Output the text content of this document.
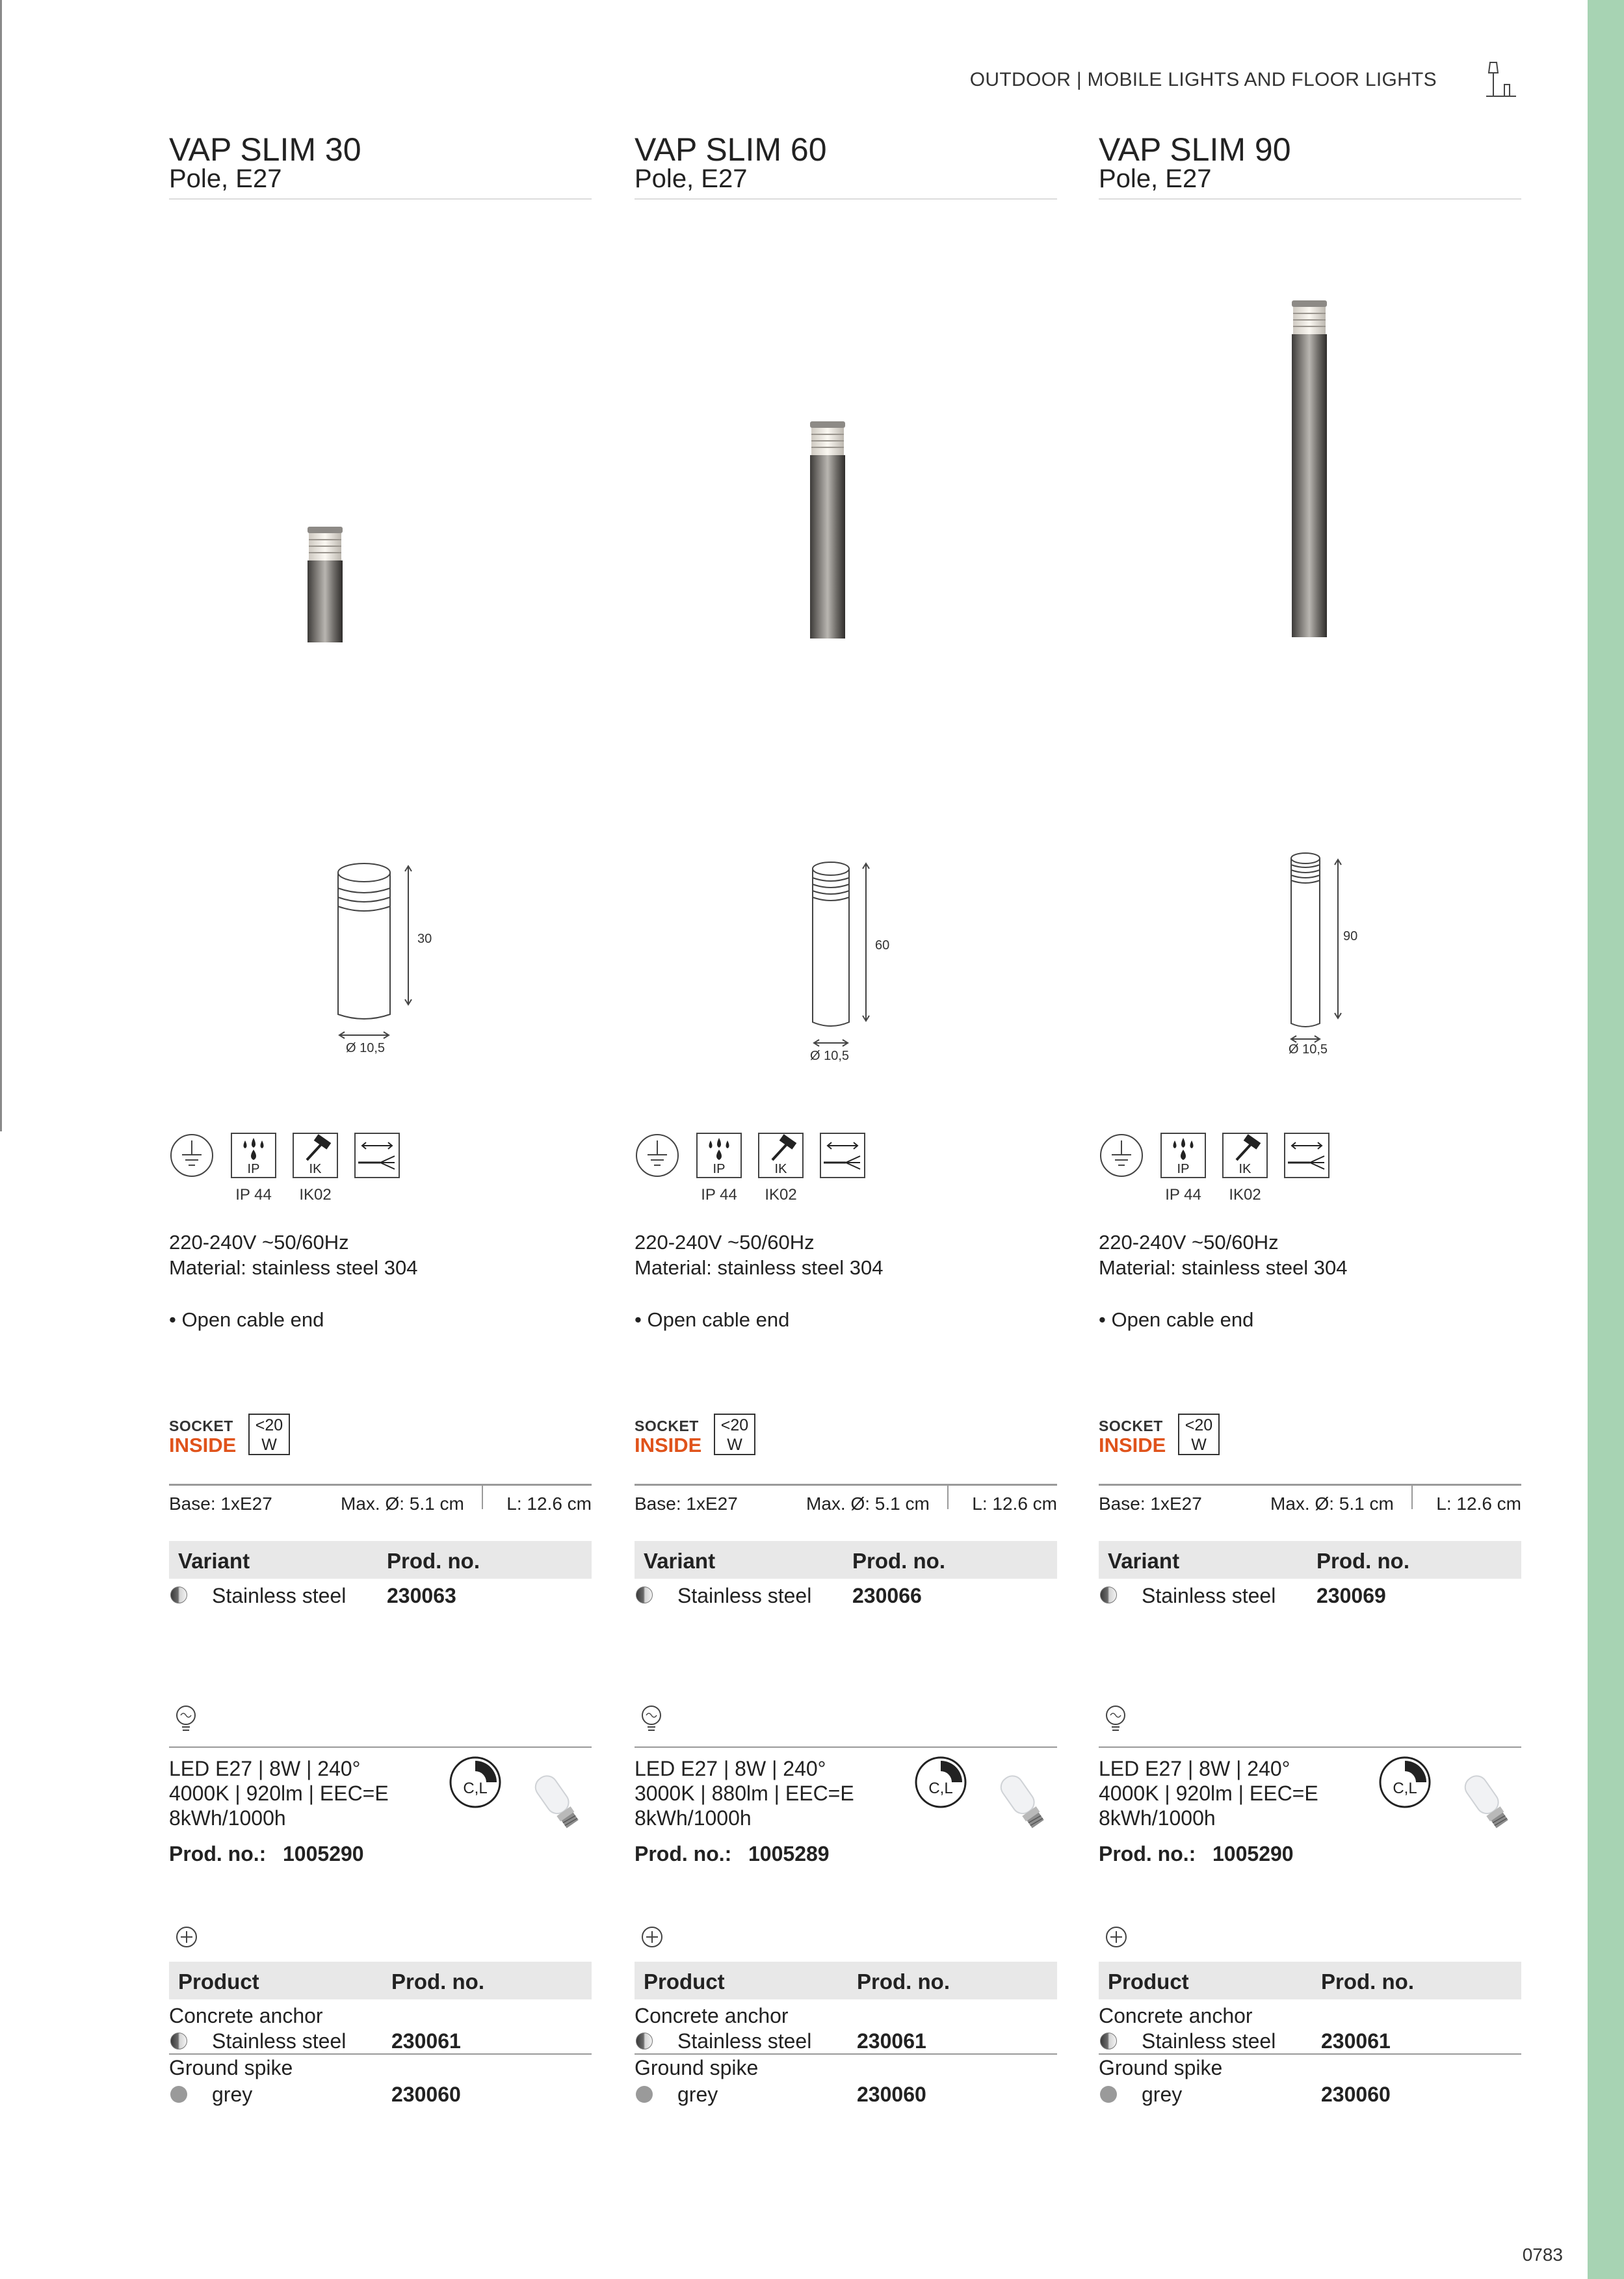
OUTDOOR | MOBILE LIGHTS AND FLOOR LIGHTS
0783
VAP SLIM 30
Pole, E27
30
Ø 10,5
IP
IP 44
IK
IK02
220-240V ~50/60Hz
Material: stainless steel 304
• Open cable end
SOCKET
INSIDE
<20
W
Base: 1xE27	Max. Ø: 5.1 cm L: 12.6 cm
Variant	Prod. no.
Stainless steel 230063
LED E27 | 8W | 240°
4000K | 920lm | EEC=E
8kWh/1000h
Prod. no.: 1005290
C,L
Product	Prod. no.
Concrete anchor
Stainless steel 230061
Ground spike
grey	230060
VAP SLIM 60
Pole, E27
60
Ø 10,5
IP
IP 44
IK
IK02
220-240V ~50/60Hz
Material: stainless steel 304
• Open cable end
SOCKET
INSIDE
<20
W
Base: 1xE27	Max. Ø: 5.1 cm L: 12.6 cm
Variant	Prod. no.
Stainless steel 230066
LED E27 | 8W | 240°
3000K | 880lm | EEC=E
8kWh/1000h
Prod. no.: 1005289
C,L
Product	Prod. no.
Concrete anchor
Stainless steel 230061
Ground spike
grey	230060
VAP SLIM 90
Pole, E27
90
Ø 10,5
IP
IP 44
IK
IK02
220-240V ~50/60Hz
Material: stainless steel 304
• Open cable end
SOCKET
INSIDE
<20
W
Base: 1xE27	Max. Ø: 5.1 cm L: 12.6 cm
Variant	Prod. no.
Stainless steel 230069
LED E27 | 8W | 240°
4000K | 920lm | EEC=E
8kWh/1000h
Prod. no.: 1005290
C,L
Product	Prod. no.
Concrete anchor
Stainless steel 230061
Ground spike
grey	230060
